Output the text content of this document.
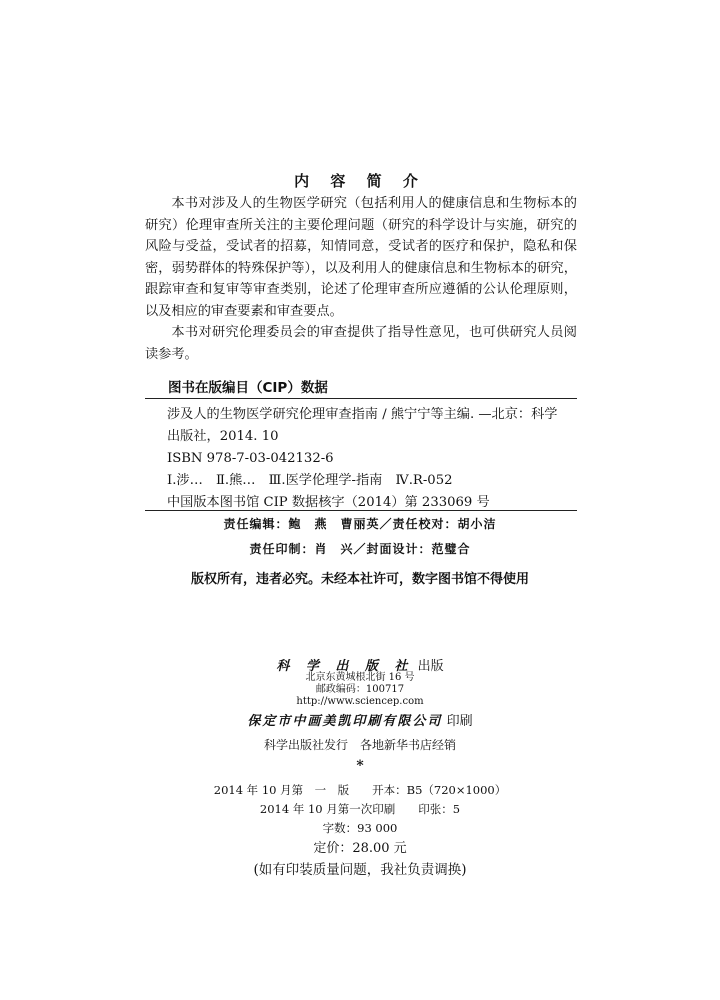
内 容 简 介

本书对涉及人的生物医学研究（包括利用人的健康信息和生物标本的研究）伦理审查所关注的主要伦理问题（研究的科学设计与实施，研究的风险与受益，受试者的招募，知情同意，受试者的医疗和保护，隐私和保密，弱势群体的特殊保护等），以及利用人的健康信息和生物标本的研究，跟踪审查和复审等审查类别，论述了伦理审查所应遵循的公认伦理原则，以及相应的审查要素和审查要点。

本书对研究伦理委员会的审查提供了指导性意见，也可供研究人员阅读参考。

图书在版编目（CIP）数据
涉及人的生物医学研究伦理审查指南 / 熊宁宁等主编. —北京：科学
出版社，2014. 10
ISBN 978-7-03-042132-6
Ⅰ.涉…　Ⅱ.熊…　Ⅲ.医学伦理学-指南　Ⅳ.R-052
中国版本图书馆 CIP 数据核字（2014）第 233069 号
责任编辑：鲍　燕　曹丽英／责任校对：胡小洁
责任印制：肖　兴／封面设计：范璧合
版权所有，违者必究。未经本社许可，数字图书馆不得使用
科 学 出 版 社 出版
北京东黄城根北街 16 号
邮政编码：100717
http://www.sciencep.com
保定市中画美凯印刷有限公司 印刷
科学出版社发行　各地新华书店经销
*
2014 年 10 月第　一　版　　开本：B5（720×1000）
2014 年 10 月第一次印刷　　印张：5
字数：93 000
定价：28.00 元
(如有印装质量问题，我社负责调换)
